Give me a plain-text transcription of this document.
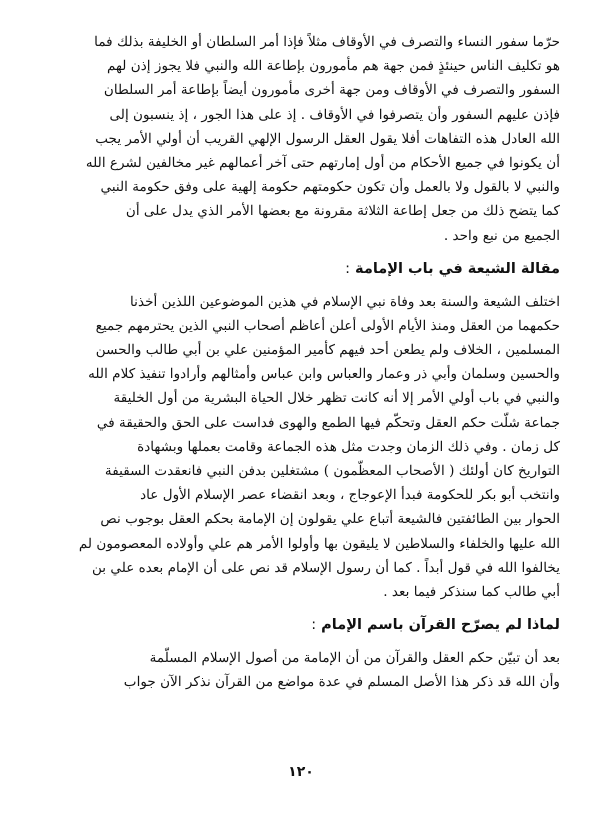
حرّما سفور النساء والتصرف في الأوقاف مثلاً فإذا أمر السلطان أو الخليفة بذلك فما
هو تكليف الناس حينئذٍ فمن جهة هم مأمورون بإطاعة الله والنبي فلا يجوز إذن لهم
السفور والتصرف في الأوقاف ومن جهة أخرى مأمورون أيضاً بإطاعة أمر السلطان
فإذن عليهم السفور وأن يتصرفوا في الأوقاف . إذ على هذا الجور ، إذ ينسبون إلى
الله العادل هذه التفاهات أفلا يقول العقل الرسول الإلهي القريب أن أولي الأمر يجب
أن يكونوا في جميع الأحكام من أول إمارتهم حتى آخر أعمالهم غير مخالفين لشرع الله
والنبي لا بالقول ولا بالعمل وأن تكون حكومتهم حكومة إلهية على وفق حكومة النبي
كما يتضح ذلك من جعل إطاعة الثلاثة مقرونة مع بعضها الأمر الذي يدل على أن
الجميع من نبع واحد .
مقالة الشيعة في باب الإمامة :
اختلف الشيعة والسنة بعد وفاة نبي الإسلام في هذين الموضوعين اللذين أخذنا
حكمهما من العقل ومنذ الأيام الأولى أعلن أعاظم أصحاب النبي الذين يحترمهم جميع
المسلمين ، الخلاف ولم يطعن أحد فيهم كأمير المؤمنين علي بن أبي طالب والحسن
والحسين وسلمان وأبي ذر وعمار والعباس وابن عباس وأمثالهم وأرادوا تنفيذ كلام الله
والنبي في باب أولي الأمر إلا أنه كانت تظهر خلال الحياة البشرية من أول الخليقة
جماعة شلّت حكم العقل وتحكّم فيها الطمع والهوى فداست على الحق والحقيقة في
كل زمان . وفي ذلك الزمان وجدت مثل هذه الجماعة وقامت بعملها وبشهادة
التواريخ كان أولئك ( الأصحاب المعظّمون ) مشتغلين بدفن النبي فانعقدت السقيفة
وانتخب أبو بكر للحكومة فبدأ الإعوجاج ، وبعد انقضاء عصر الإسلام الأول عاد
الحوار بين الطائفتين فالشيعة أتباع علي يقولون إن الإمامة بحكم العقل بوجوب نص
الله عليها والخلفاء والسلاطين لا يليقون بها وأولوا الأمر هم علي وأولاده المعصومون لم
يخالفوا الله في قول أبداً . كما أن رسول الإسلام قد نص على أن الإمام بعده علي بن
أبي طالب كما سنذكر فيما بعد .
لماذا لم يصرّح القرآن باسم الإمام :
بعد أن تبيّن حكم العقل والقرآن من أن الإمامة من أصول الإسلام المسلّمة
وأن الله قد ذكر هذا الأصل المسلم في عدة مواضع من القرآن نذكر الآن جواب
١٢٠
